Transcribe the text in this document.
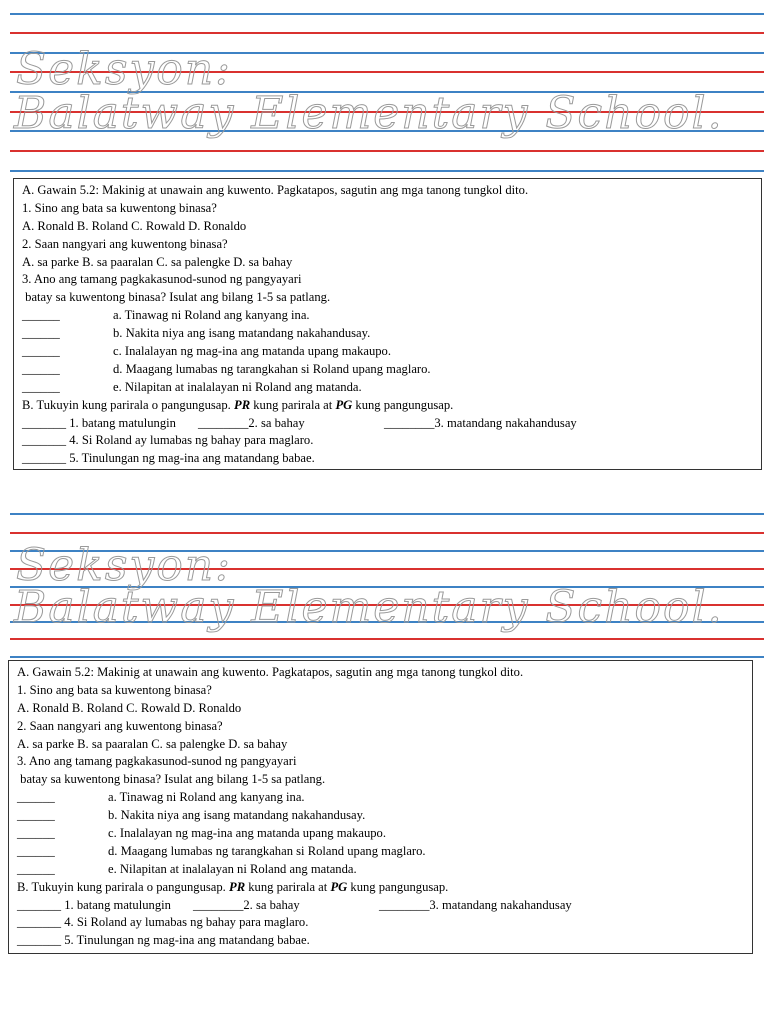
Seksyon:
Balatway Elementary School.
A. Gawain 5.2: Makinig at unawain ang kuwento. Pagkatapos, sagutin ang mga tanong tungkol dito.
1. Sino ang bata sa kuwentong binasa?
A. Ronald B. Roland C. Rowald D. Ronaldo
2. Saan nangyari ang kuwentong binasa?
A. sa parke B. sa paaralan C. sa palengke D. sa bahay
3. Ano ang tamang pagkakasunod-sunod ng pangyayari
batay sa kuwentong binasa? Isulat ang bilang 1-5 sa patlang.
______	a. Tinawag ni Roland ang kanyang ina.
______	b. Nakita niya ang isang matandang nakahandusay.
______	c. Inalalayan ng mag-ina ang matanda upang makaupo.
______	d. Maagang lumabas ng tarangkahan si Roland upang maglaro.
______	e. Nilapitan at inalalayan ni Roland ang matanda.
B. Tukuyin kung parirala o pangungusap. PR kung parirala at PG kung pangungusap.
_______ 1. batang matulungin ________2. sa bahay	________3. matandang nakahandusay
_______ 4. Si Roland ay lumabas ng bahay para maglaro.
_______ 5. Tinulungan ng mag-ina ang matandang babae.
Seksyon:
Balatway Elementary School.
A. Gawain 5.2: Makinig at unawain ang kuwento. Pagkatapos, sagutin ang mga tanong tungkol dito.
1. Sino ang bata sa kuwentong binasa?
A. Ronald B. Roland C. Rowald D. Ronaldo
2. Saan nangyari ang kuwentong binasa?
A. sa parke B. sa paaralan C. sa palengke D. sa bahay
3. Ano ang tamang pagkakasunod-sunod ng pangyayari
batay sa kuwentong binasa? Isulat ang bilang 1-5 sa patlang.
______	a. Tinawag ni Roland ang kanyang ina.
______	b. Nakita niya ang isang matandang nakahandusay.
______	c. Inalalayan ng mag-ina ang matanda upang makaupo.
______	d. Maagang lumabas ng tarangkahan si Roland upang maglaro.
______	e. Nilapitan at inalalayan ni Roland ang matanda.
B. Tukuyin kung parirala o pangungusap. PR kung parirala at PG kung pangungusap.
_______ 1. batang matulungin ________2. sa bahay	________3. matandang nakahandusay
_______ 4. Si Roland ay lumabas ng bahay para maglaro.
_______ 5. Tinulungan ng mag-ina ang matandang babae.
